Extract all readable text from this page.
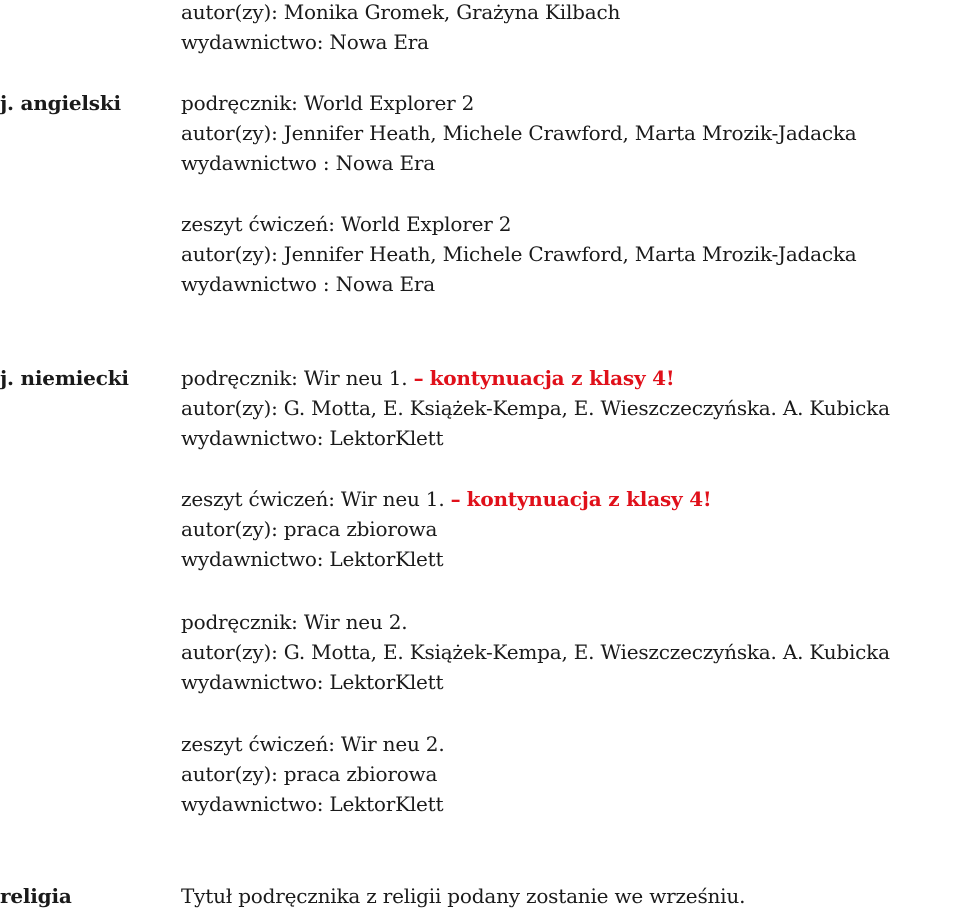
autor(zy): Monika Gromek, Grażyna Kilbach
wydawnictwo: Nowa Era
j. angielski	podręcznik: World Explorer 2
autor(zy): Jennifer Heath, Michele Crawford, Marta Mrozik-Jadacka
wydawnictwo : Nowa Era
zeszyt ćwiczeń: World Explorer 2
autor(zy): Jennifer Heath, Michele Crawford, Marta Mrozik-Jadacka
wydawnictwo : Nowa Era
j. niemiecki	podręcznik: Wir neu 1. – kontynuacja z klasy 4!
autor(zy): G. Motta, E. Książek-Kempa, E. Wieszczeczyńska. A. Kubicka
wydawnictwo: LektorKlett
zeszyt ćwiczeń: Wir neu 1. – kontynuacja z klasy 4!
autor(zy): praca zbiorowa
wydawnictwo: LektorKlett
podręcznik: Wir neu 2.
autor(zy): G. Motta, E. Książek-Kempa, E. Wieszczeczyńska. A. Kubicka
wydawnictwo: LektorKlett
zeszyt ćwiczeń: Wir neu 2.
autor(zy): praca zbiorowa
wydawnictwo: LektorKlett
religia	Tytuł podręcznika z religii podany zostanie we wrześniu.
